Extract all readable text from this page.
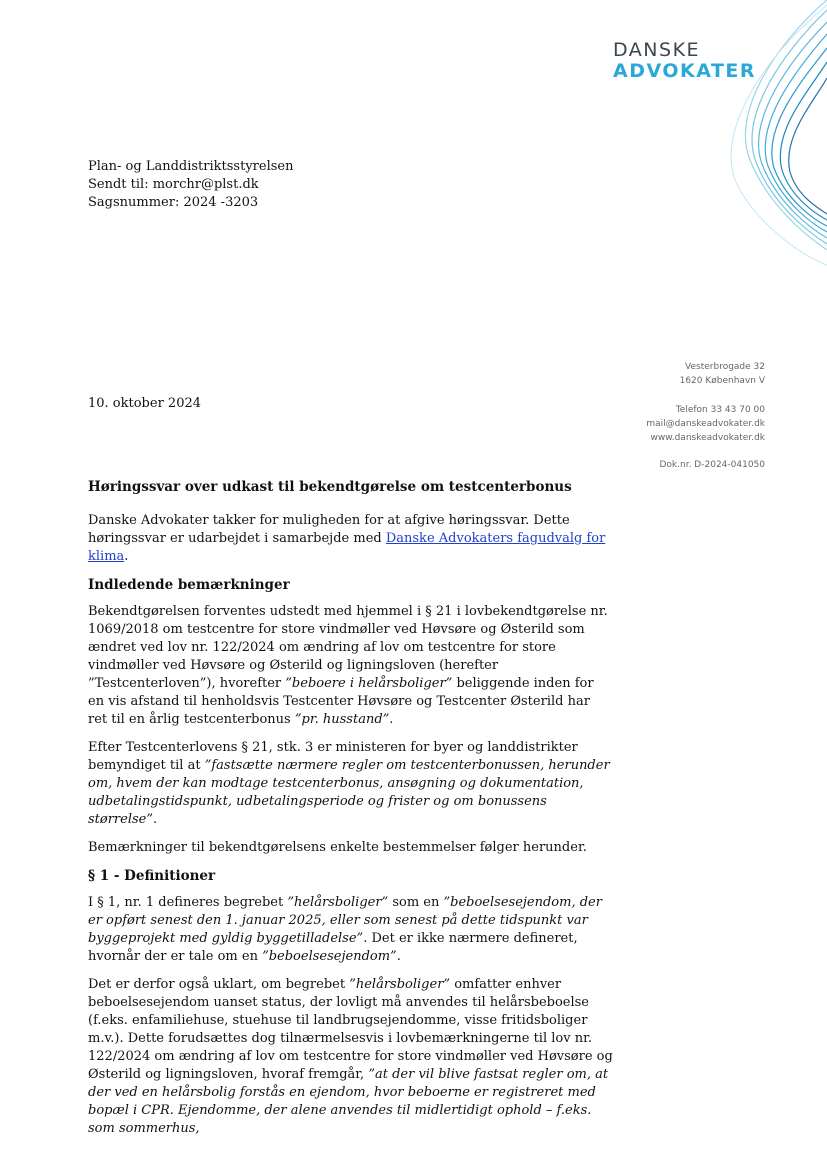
DANSKE
ADVOKATER
Plan- og Landdistriktsstyrelsen
Sendt til: morchr@plst.dk
Sagsnummer: 2024 -3203
Vesterbrogade 32
1620 København V
Telefon 33 43 70 00
mail@danskeadvokater.dk
www.danskeadvokater.dk
Dok.nr. D-2024-041050
10. oktober 2024
Høringssvar over udkast til bekendtgørelse om testcenterbonus

Danske Advokater takker for muligheden for at afgive høringssvar. Dette høringssvar er udarbejdet i samarbejde med Danske Advokaters fagudvalg for klima.

Indledende bemærkninger

Bekendtgørelsen forventes udstedt med hjemmel i § 21 i lovbekendtgørelse nr. 1069/2018 om testcentre for store vindmøller ved Høvsøre og Østerild som ændret ved lov nr. 122/2024 om ændring af lov om testcentre for store vindmøller ved Høvsøre og Østerild og ligningsloven (herefter ”Testcenterloven”), hvorefter ”beboere i helårsboliger” beliggende inden for en vis afstand til henholdsvis Testcenter Høvsøre og Testcenter Østerild har ret til en årlig testcenterbonus ”pr. husstand”.

Efter Testcenterlovens § 21, stk. 3 er ministeren for byer og landdistrikter bemyndiget til at ”fastsætte nærmere regler om testcenterbonussen, herunder om, hvem der kan modtage testcenterbonus, ansøgning og dokumentation, udbetalingstidspunkt, udbetalingsperiode og frister og om bonussens størrelse”.

Bemærkninger til bekendtgørelsens enkelte bestemmelser følger herunder.

§ 1 - Definitioner

I § 1, nr. 1 defineres begrebet ”helårsboliger” som en ”beboelsesejendom, der er opført senest den 1. januar 2025, eller som senest på dette tidspunkt var byggeprojekt med gyldig byggetilladelse”. Det er ikke nærmere defineret, hvornår der er tale om en ”beboelsesejendom”.

Det er derfor også uklart, om begrebet ”helårsboliger” omfatter enhver beboelsesejendom uanset status, der lovligt må anvendes til helårsbeboelse (f.eks. enfamiliehuse, stuehuse til landbrugsejendomme, visse fritidsboliger m.v.). Dette forudsættes dog tilnærmelsesvis i lovbemærkningerne til lov nr. 122/2024 om ændring af lov om testcentre for store vindmøller ved Høvsøre og Østerild og ligningsloven, hvoraf fremgår, ”at der vil blive fastsat regler om, at der ved en helårsbolig forstås en ejendom, hvor beboerne er registreret med bopæl i CPR. Ejendomme, der alene anvendes til midlertidigt ophold – f.eks. som sommerhus,
